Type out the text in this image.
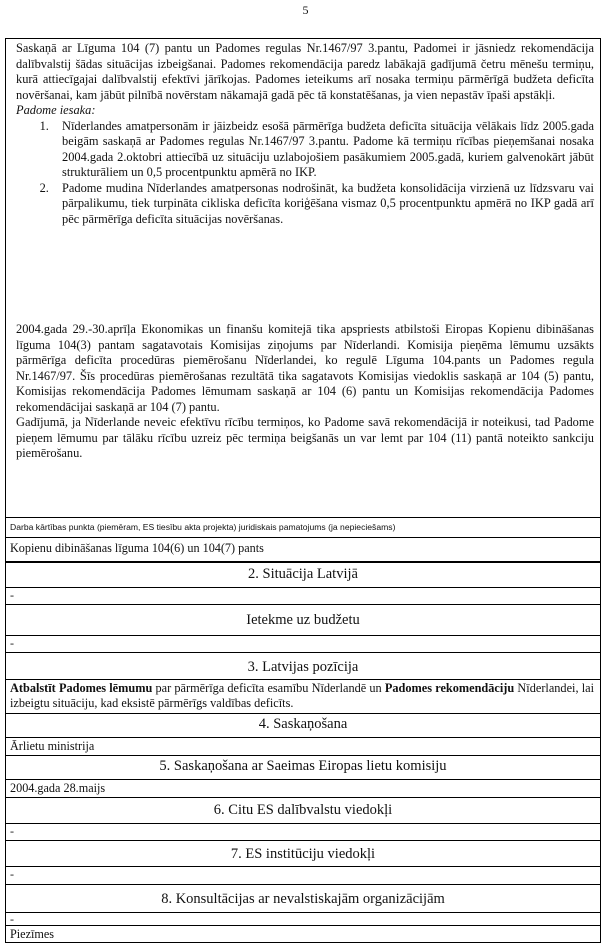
5

Saskaņā ar Līguma 104 (7) pantu un Padomes regulas Nr.1467/97 3.pantu, Padomei ir jāsniedz rekomendācija dalībvalstij šādas situācijas izbeigšanai. Padomes rekomendācija paredz labākajā gadījumā četru mēnešu termiņu, kurā attiecīgajai dalībvalstij efektīvi jārīkojas. Padomes ieteikums arī nosaka termiņu pārmērīgā budžeta deficīta novēršanai, kam jābūt pilnībā novērstam nākamajā gadā pēc tā konstatēšanas, ja vien nepastāv īpaši apstākļi.

Padome iesaka:

1. Nīderlandes amatpersonām ir jāizbeidz esošā pārmērīga budžeta deficīta situācija vēlākais līdz 2005.gada beigām saskaņā ar Padomes regulas Nr.1467/97 3.pantu. Padome kā termiņu rīcības pieņemšanai nosaka 2004.gada 2.oktobri attiecībā uz situāciju uzlabojošiem pasākumiem 2005.gadā, kuriem galvenokārt jābūt strukturāliem un 0,5 procentpunktu apmērā no IKP.
2. Padome mudina Nīderlandes amatpersonas nodrošināt, ka budžeta konsolidācija virzienā uz līdzsvaru vai pārpalikumu, tiek turpināta cikliska deficīta koriģēšana vismaz 0,5 procentpunktu apmērā no IKP gadā arī pēc pārmērīga deficīta situācijas novēršanas.

2004.gada 29.-30.aprīļa Ekonomikas un finanšu komitejā tika apspriests atbilstoši Eiropas Kopienu dibināšanas līguma 104(3) pantam sagatavotais Komisijas ziņojums par Nīderlandi. Komisija pieņēma lēmumu uzsākts pārmērīga deficīta procedūras piemērošanu Nīderlandei, ko regulē Līguma 104.pants un Padomes regula Nr.1467/97. Šīs procedūras piemērošanas rezultātā tika sagatavots Komisijas viedoklis saskaņā ar 104 (5) pantu, Komisijas rekomendācija Padomes lēmumam saskaņā ar 104 (6) pantu un Komisijas rekomendācija Padomes rekomendācijai saskaņā ar 104 (7) pantu.

Gadījumā, ja Nīderlande neveic efektīvu rīcību termiņos, ko Padome savā rekomendācijā ir noteikusi, tad Padome pieņem lēmumu par tālāku rīcību uzreiz pēc termiņa beigšanās un var lemt par 104 (11) pantā noteikto sankciju piemērošanu.

Darba kārtības punkta (piemēram, ES tiesību akta projekta) juridiskais pamatojums (ja nepieciešams)
Kopienu dibināšanas līguma 104(6) un 104(7) pants
2. Situācija Latvijā
-
Ietekme uz budžetu
-
3. Latvijas pozīcija
Atbalstīt Padomes lēmumu par pārmērīga deficīta esamību Nīderlandē un Padomes rekomendāciju Nīderlandei, lai izbeigtu situāciju, kad eksistē pārmērīgs valdības deficīts.
4. Saskaņošana
Ārlietu ministrija
5. Saskaņošana ar Saeimas Eiropas lietu komisiju
2004.gada 28.maijs
6. Citu ES dalībvalstu viedokļi
-
7. ES institūciju viedokļi
-
8. Konsultācijas ar nevalstiskajām organizācijām
-
Piezīmes
